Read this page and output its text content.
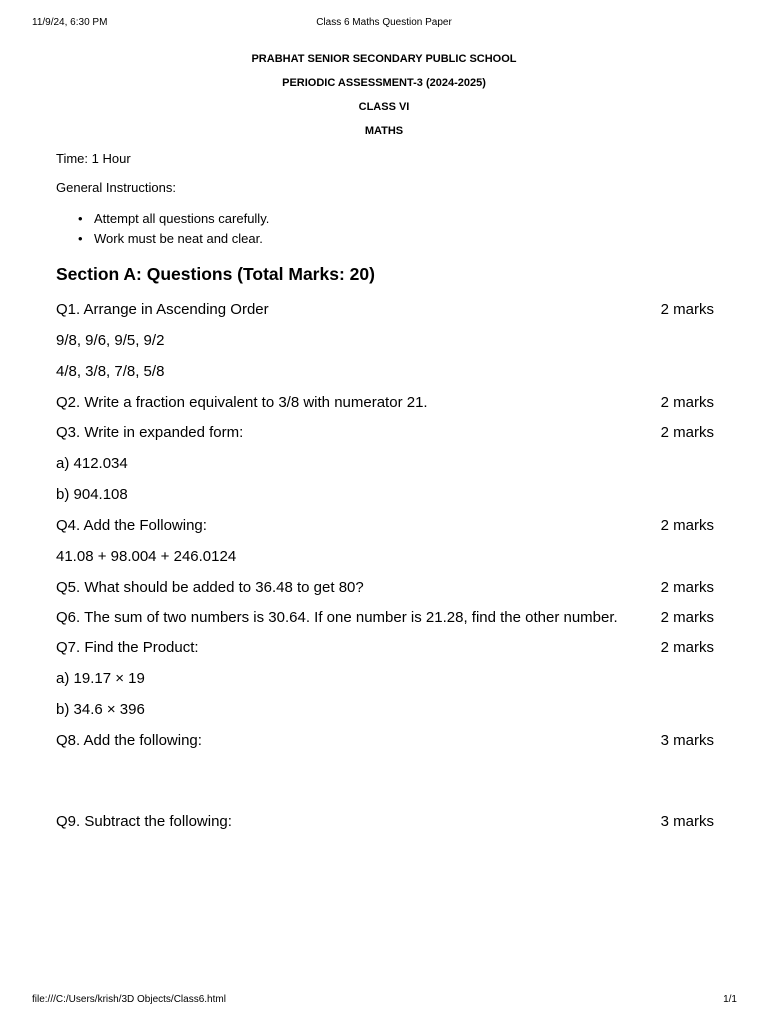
11/9/24, 6:30 PM	Class 6 Maths Question Paper
PRABHAT SENIOR SECONDARY PUBLIC SCHOOL
PERIODIC ASSESSMENT-3 (2024-2025)
CLASS VI
MATHS
Time: 1 Hour
General Instructions:
• Attempt all questions carefully.
• Work must be neat and clear.
Section A: Questions (Total Marks: 20)
Q1. Arrange in Ascending Order	2 marks
9/8, 9/6, 9/5, 9/2
4/8, 3/8, 7/8, 5/8
Q2. Write a fraction equivalent to 3/8 with numerator 21.	2 marks
Q3. Write in expanded form:	2 marks
a) 412.034
b) 904.108
Q4. Add the Following:	2 marks
41.08 + 98.004 + 246.0124
Q5. What should be added to 36.48 to get 80?	2 marks
Q6. The sum of two numbers is 30.64. If one number is 21.28, find the other number.	2 marks
Q7. Find the Product:	2 marks
a) 19.17 × 19
b) 34.6 × 396
Q8. Add the following:	3 marks
Q9. Subtract the following:	3 marks
file:///C:/Users/krish/3D Objects/Class6.html	1/1
